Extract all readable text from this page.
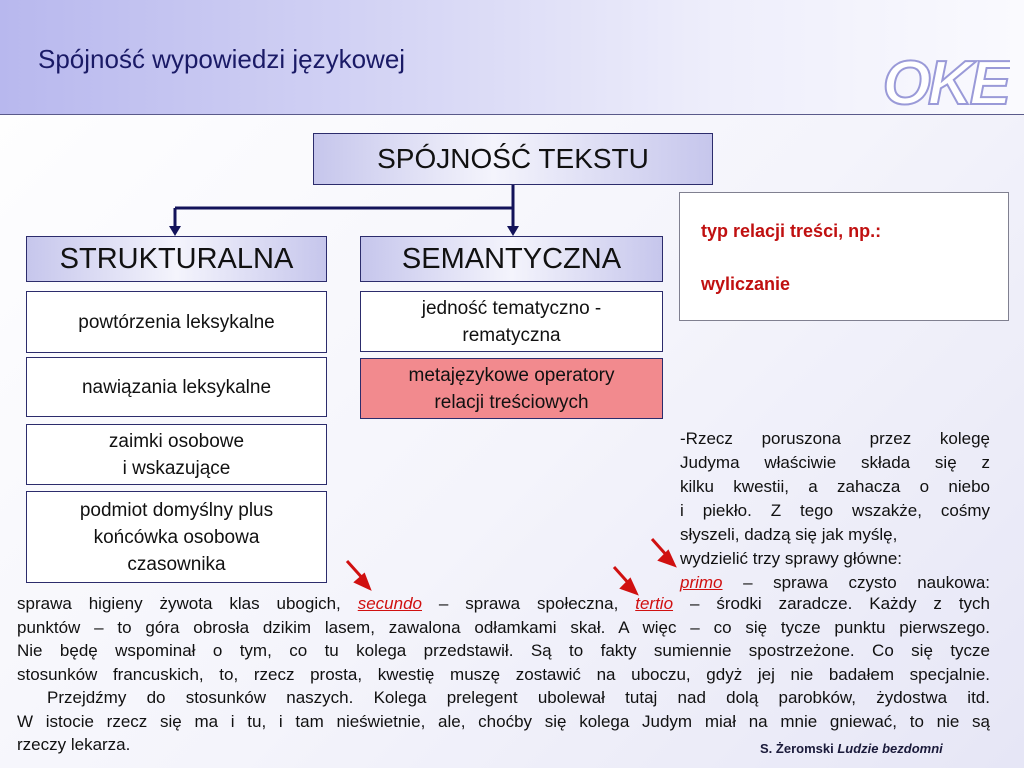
Spójność wypowiedzi językowej	OKE
SPÓJNOŚĆ TEKSTU
STRUKTURALNA	SEMANTYCZNA
powtórzenia leksykalne
nawiązania leksykalne
zaimki osobowe
i wskazujące
podmiot domyślny plus
końcówka osobowa
czasownika
jedność tematyczno -
rematyczna
metajęzykowe operatory
relacji treściowych
typ relacji treści, np.:
wyliczanie
-Rzecz poruszona przez kolegę
Judyma właściwie składa się z
kilku kwestii, a zahacza o niebo
i piekło. Z tego wszakże, cośmy
słyszeli, dadzą się jak myślę,
wydzielić trzy sprawy główne:
primo – sprawa czysto naukowa:
sprawa higieny żywota klas ubogich, secundo – sprawa społeczna, tertio – środki zaradcze. Każdy z tych
punktów – to góra obrosła dzikim lasem, zawalona odłamkami skał. A więc – co się tycze punktu pierwszego.
Nie będę wspominał o tym, co tu kolega przedstawił. Są to fakty sumiennie spostrzeżone. Co się tycze
stosunków francuskich, to, rzecz prosta, kwestię muszę zostawić na uboczu, gdyż jej nie badałem specjalnie.
Przejdźmy do stosunków naszych. Kolega prelegent ubolewał tutaj nad dolą parobków, żydostwa itd.
W istocie rzecz się ma i tu, i tam nieświetnie, ale, choćby się kolega Judym miał na mnie gniewać, to nie są
rzeczy lekarza.	S. Żeromski Ludzie bezdomni
